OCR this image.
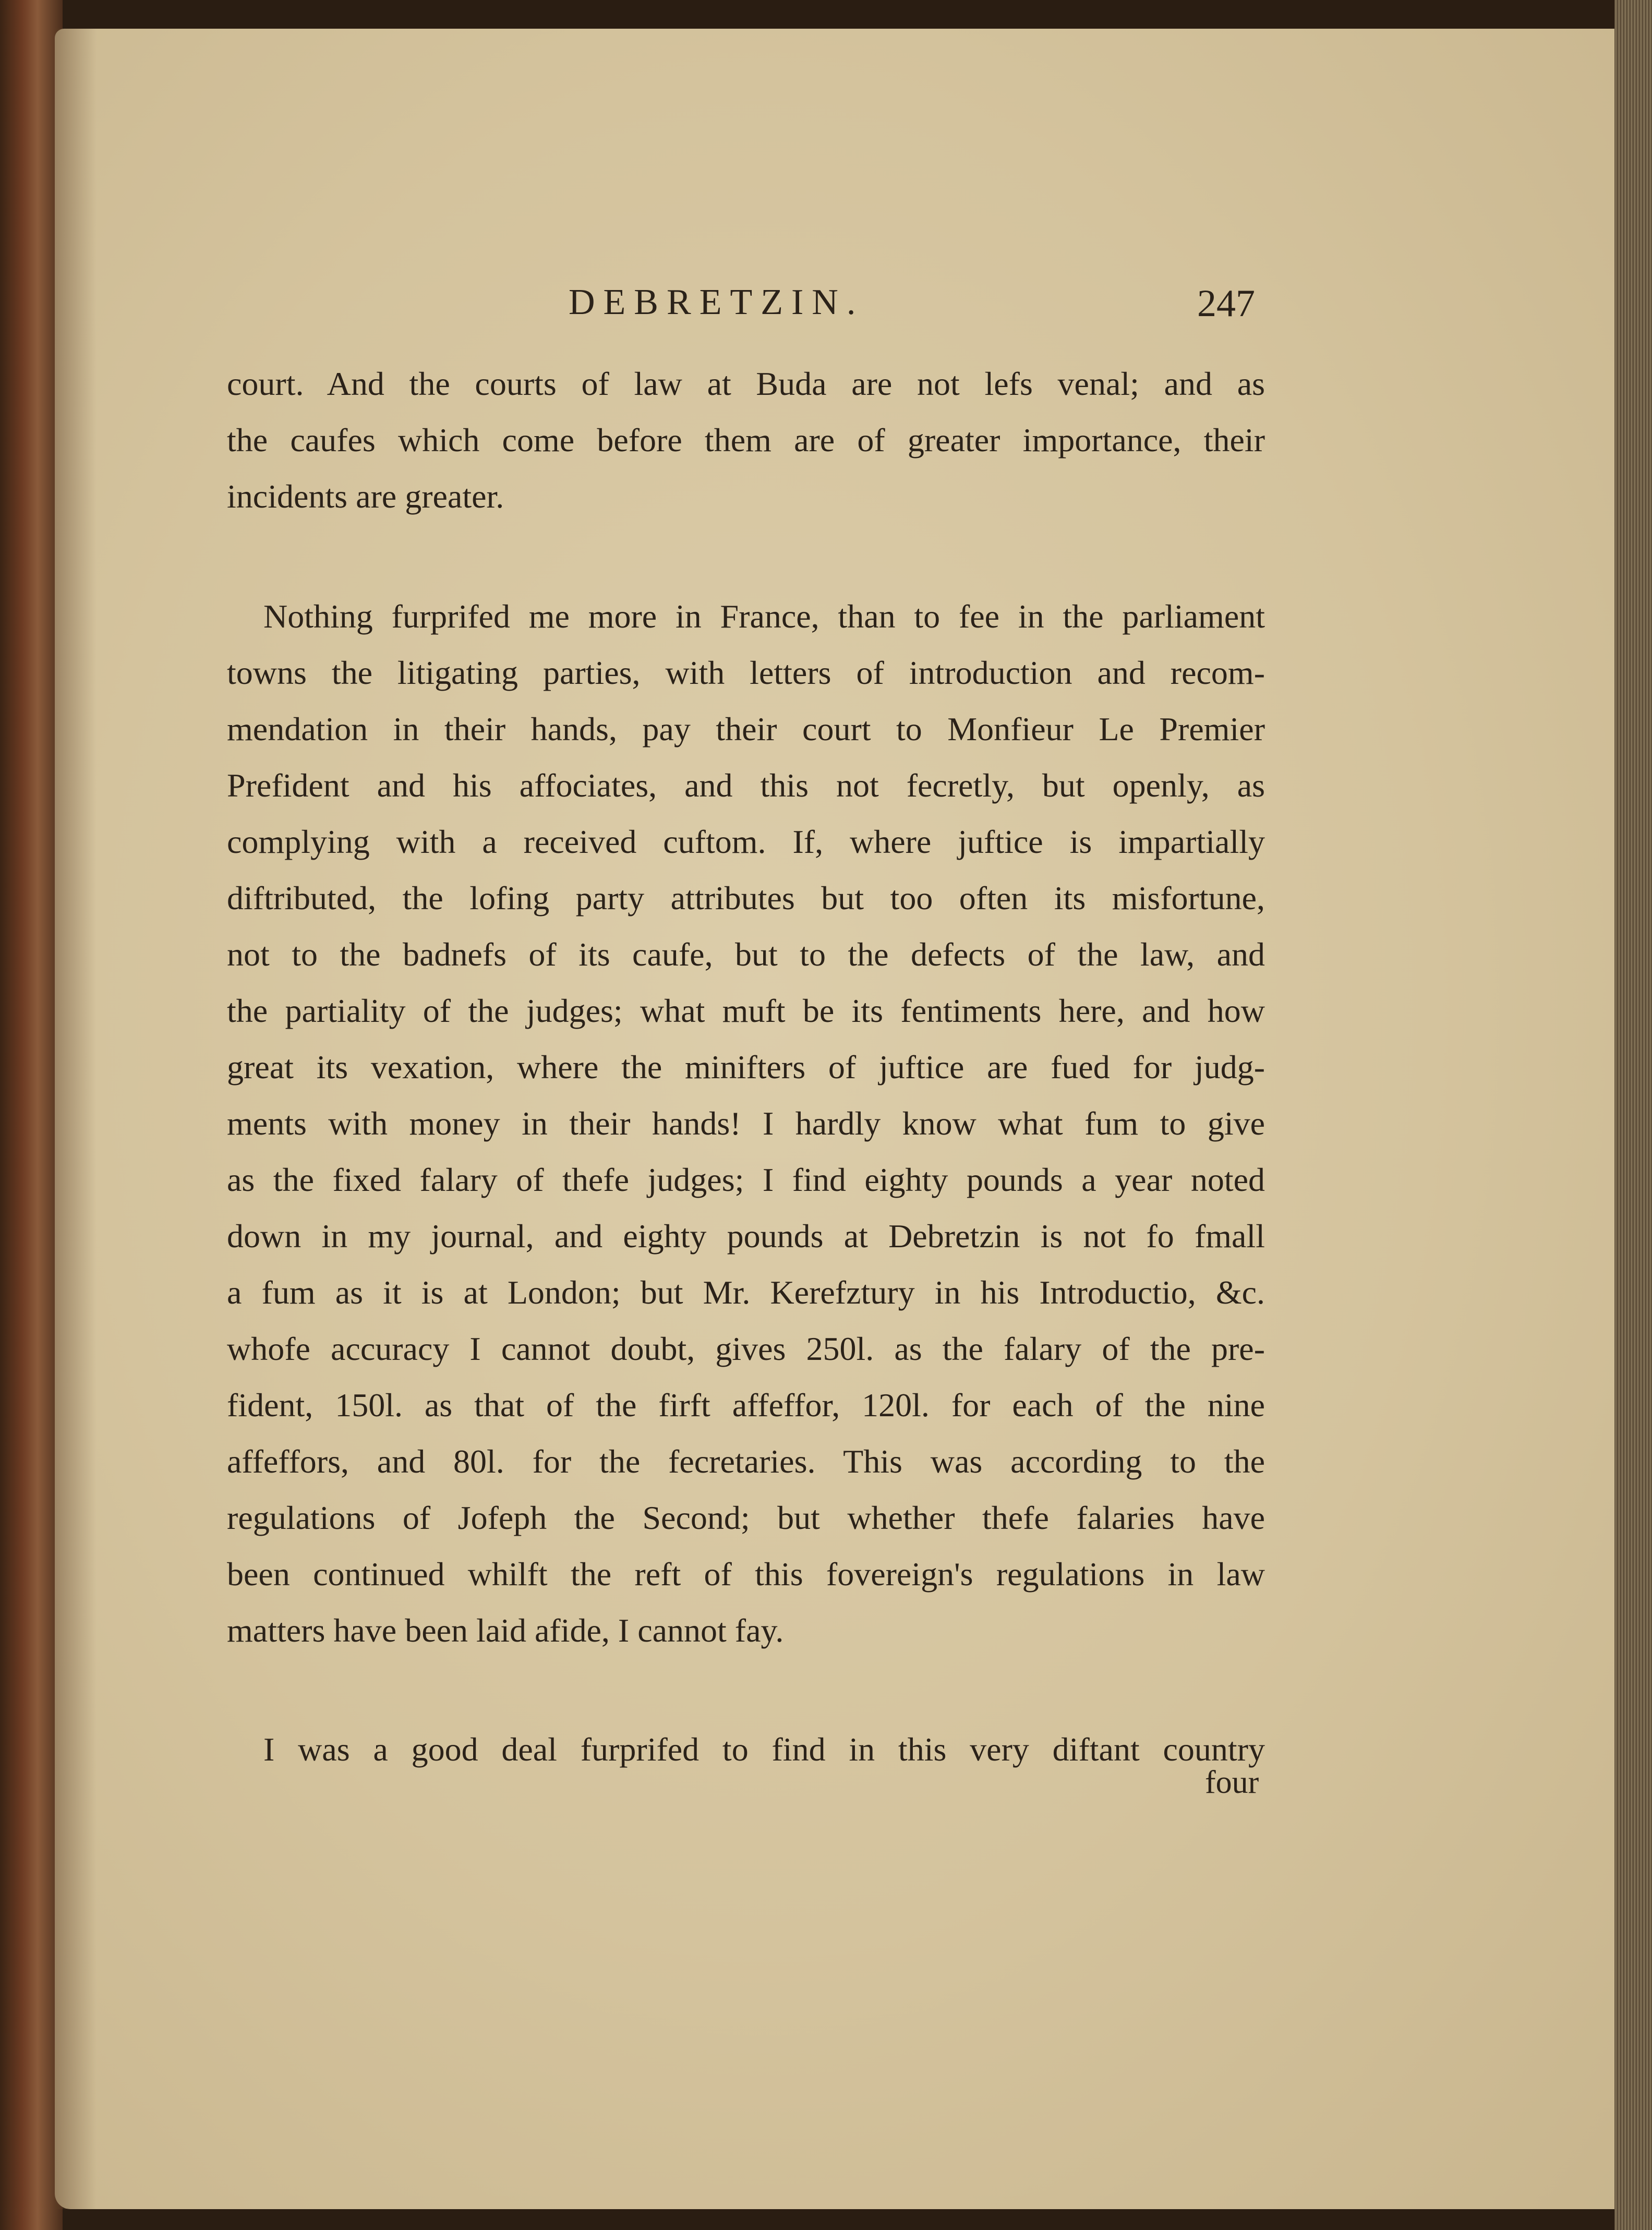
DEBRETZIN.	247
court. And the courts of law at Buda are not lefs venal; and as
the caufes which come before them are of greater importance, their
incidents are greater.
Nothing furprifed me more in France, than to fee in the parliament
towns the litigating parties, with letters of introduction and recom-
mendation in their hands, pay their court to Monfieur Le Premier
Prefident and his affociates, and this not fecretly, but openly, as
complying with a received cuftom. If, where juftice is impartially
diftributed, the lofing party attributes but too often its misfortune,
not to the badnefs of its caufe, but to the defects of the law, and
the partiality of the judges; what muft be its fentiments here, and how
great its vexation, where the minifters of juftice are fued for judg-
ments with money in their hands! I hardly know what fum to give
as the fixed falary of thefe judges; I find eighty pounds a year noted
down in my journal, and eighty pounds at Debretzin is not fo fmall
a fum as it is at London; but Mr. Kerefztury in his Introductio, &c.
whofe accuracy I cannot doubt, gives 250l. as the falary of the pre-
fident, 150l. as that of the firft affeffor, 120l. for each of the nine
affeffors, and 80l. for the fecretaries. This was according to the
regulations of Jofeph the Second; but whether thefe falaries have
been continued whilft the reft of this fovereign's regulations in law
matters have been laid afide, I cannot fay.
I was a good deal furprifed to find in this very diftant country
four
